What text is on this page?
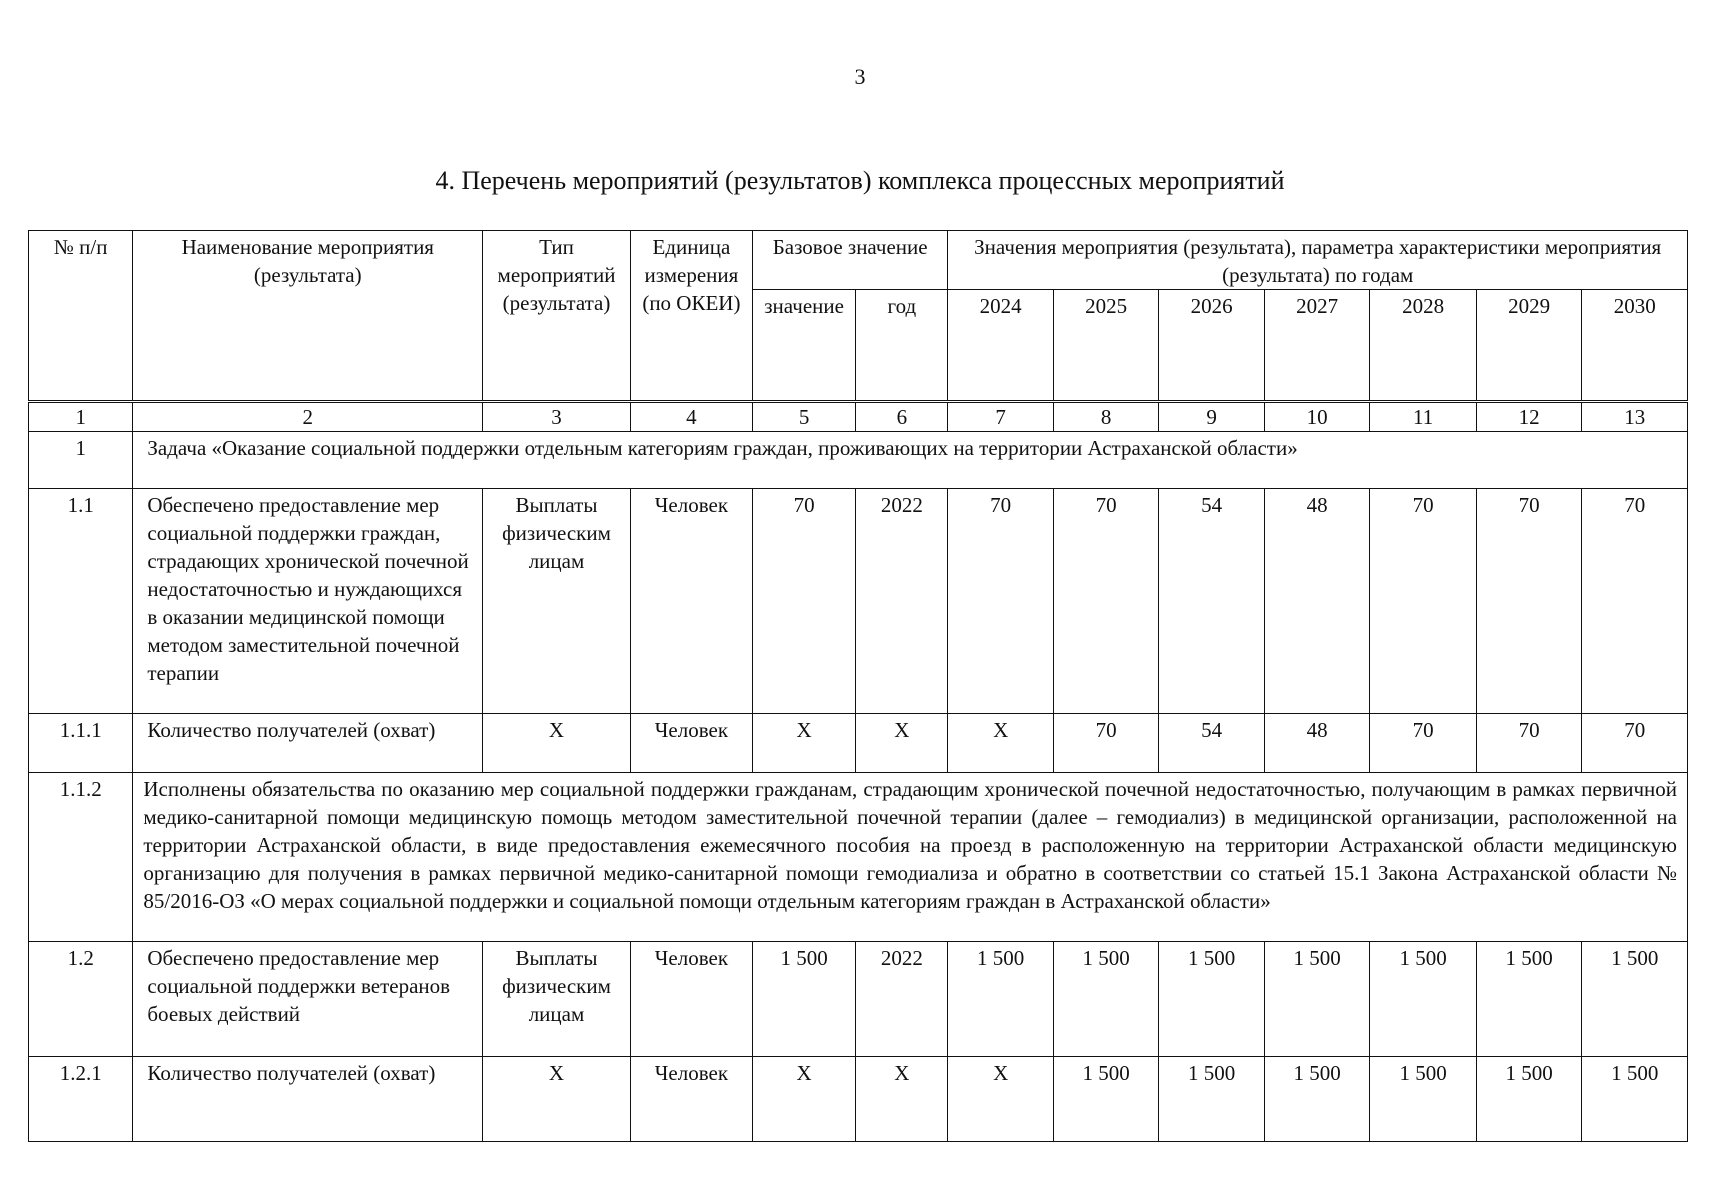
3
4. Перечень мероприятий (результатов) комплекса процессных мероприятий
№ п/п	Наименование мероприятия (результата)	Тип мероприятий (результата)	Единица измерения (по ОКЕИ)	Базовое значение		Значения мероприятия (результата), параметра характеристики мероприятия (результата) по годам						
				значение	год	2024	2025	2026	2027	2028	2029	2030
1	2	3	4	5	6	7	8	9	10	11	12	13
1	Задача «Оказание социальной поддержки отдельным категориям граждан, проживающих на территории Астраханской области»											
1.1	Обеспечено предоставление мер социальной поддержки граждан, страдающих хронической почечной недостаточностью и нуждающихся в оказании медицинской помощи методом заместительной почечной терапии	Выплаты физическим лицам	Человек	70	2022	70	70	54	48	70	70	70
1.1.1	Количество получателей (охват)	X	Человек	X	X	X	70	54	48	70	70	70
1.1.2	Исполнены обязательства по оказанию мер социальной поддержки гражданам, страдающим хронической почечной недостаточностью, получающим в рамках первичной медико-санитарной помощи медицинскую помощь методом заместительной почечной терапии (далее – гемодиализ) в медицинской организации, расположенной на территории Астраханской области, в виде предоставления ежемесячного пособия на проезд в расположенную на территории Астраханской области медицинскую организацию для получения в рамках первичной медико-санитарной помощи гемодиализа и обратно в соответствии со статьей 15.1 Закона Астраханской области № 85/2016-ОЗ «О мерах социальной поддержки и социальной помощи отдельным категориям граждан в Астраханской области»											
1.2	Обеспечено предоставление мер социальной поддержки ветеранов боевых действий	Выплаты физическим лицам	Человек	1 500	2022	1 500	1 500	1 500	1 500	1 500	1 500	1 500
1.2.1	Количество получателей (охват)	X	Человек	X	X	X	1 500	1 500	1 500	1 500	1 500	1 500
